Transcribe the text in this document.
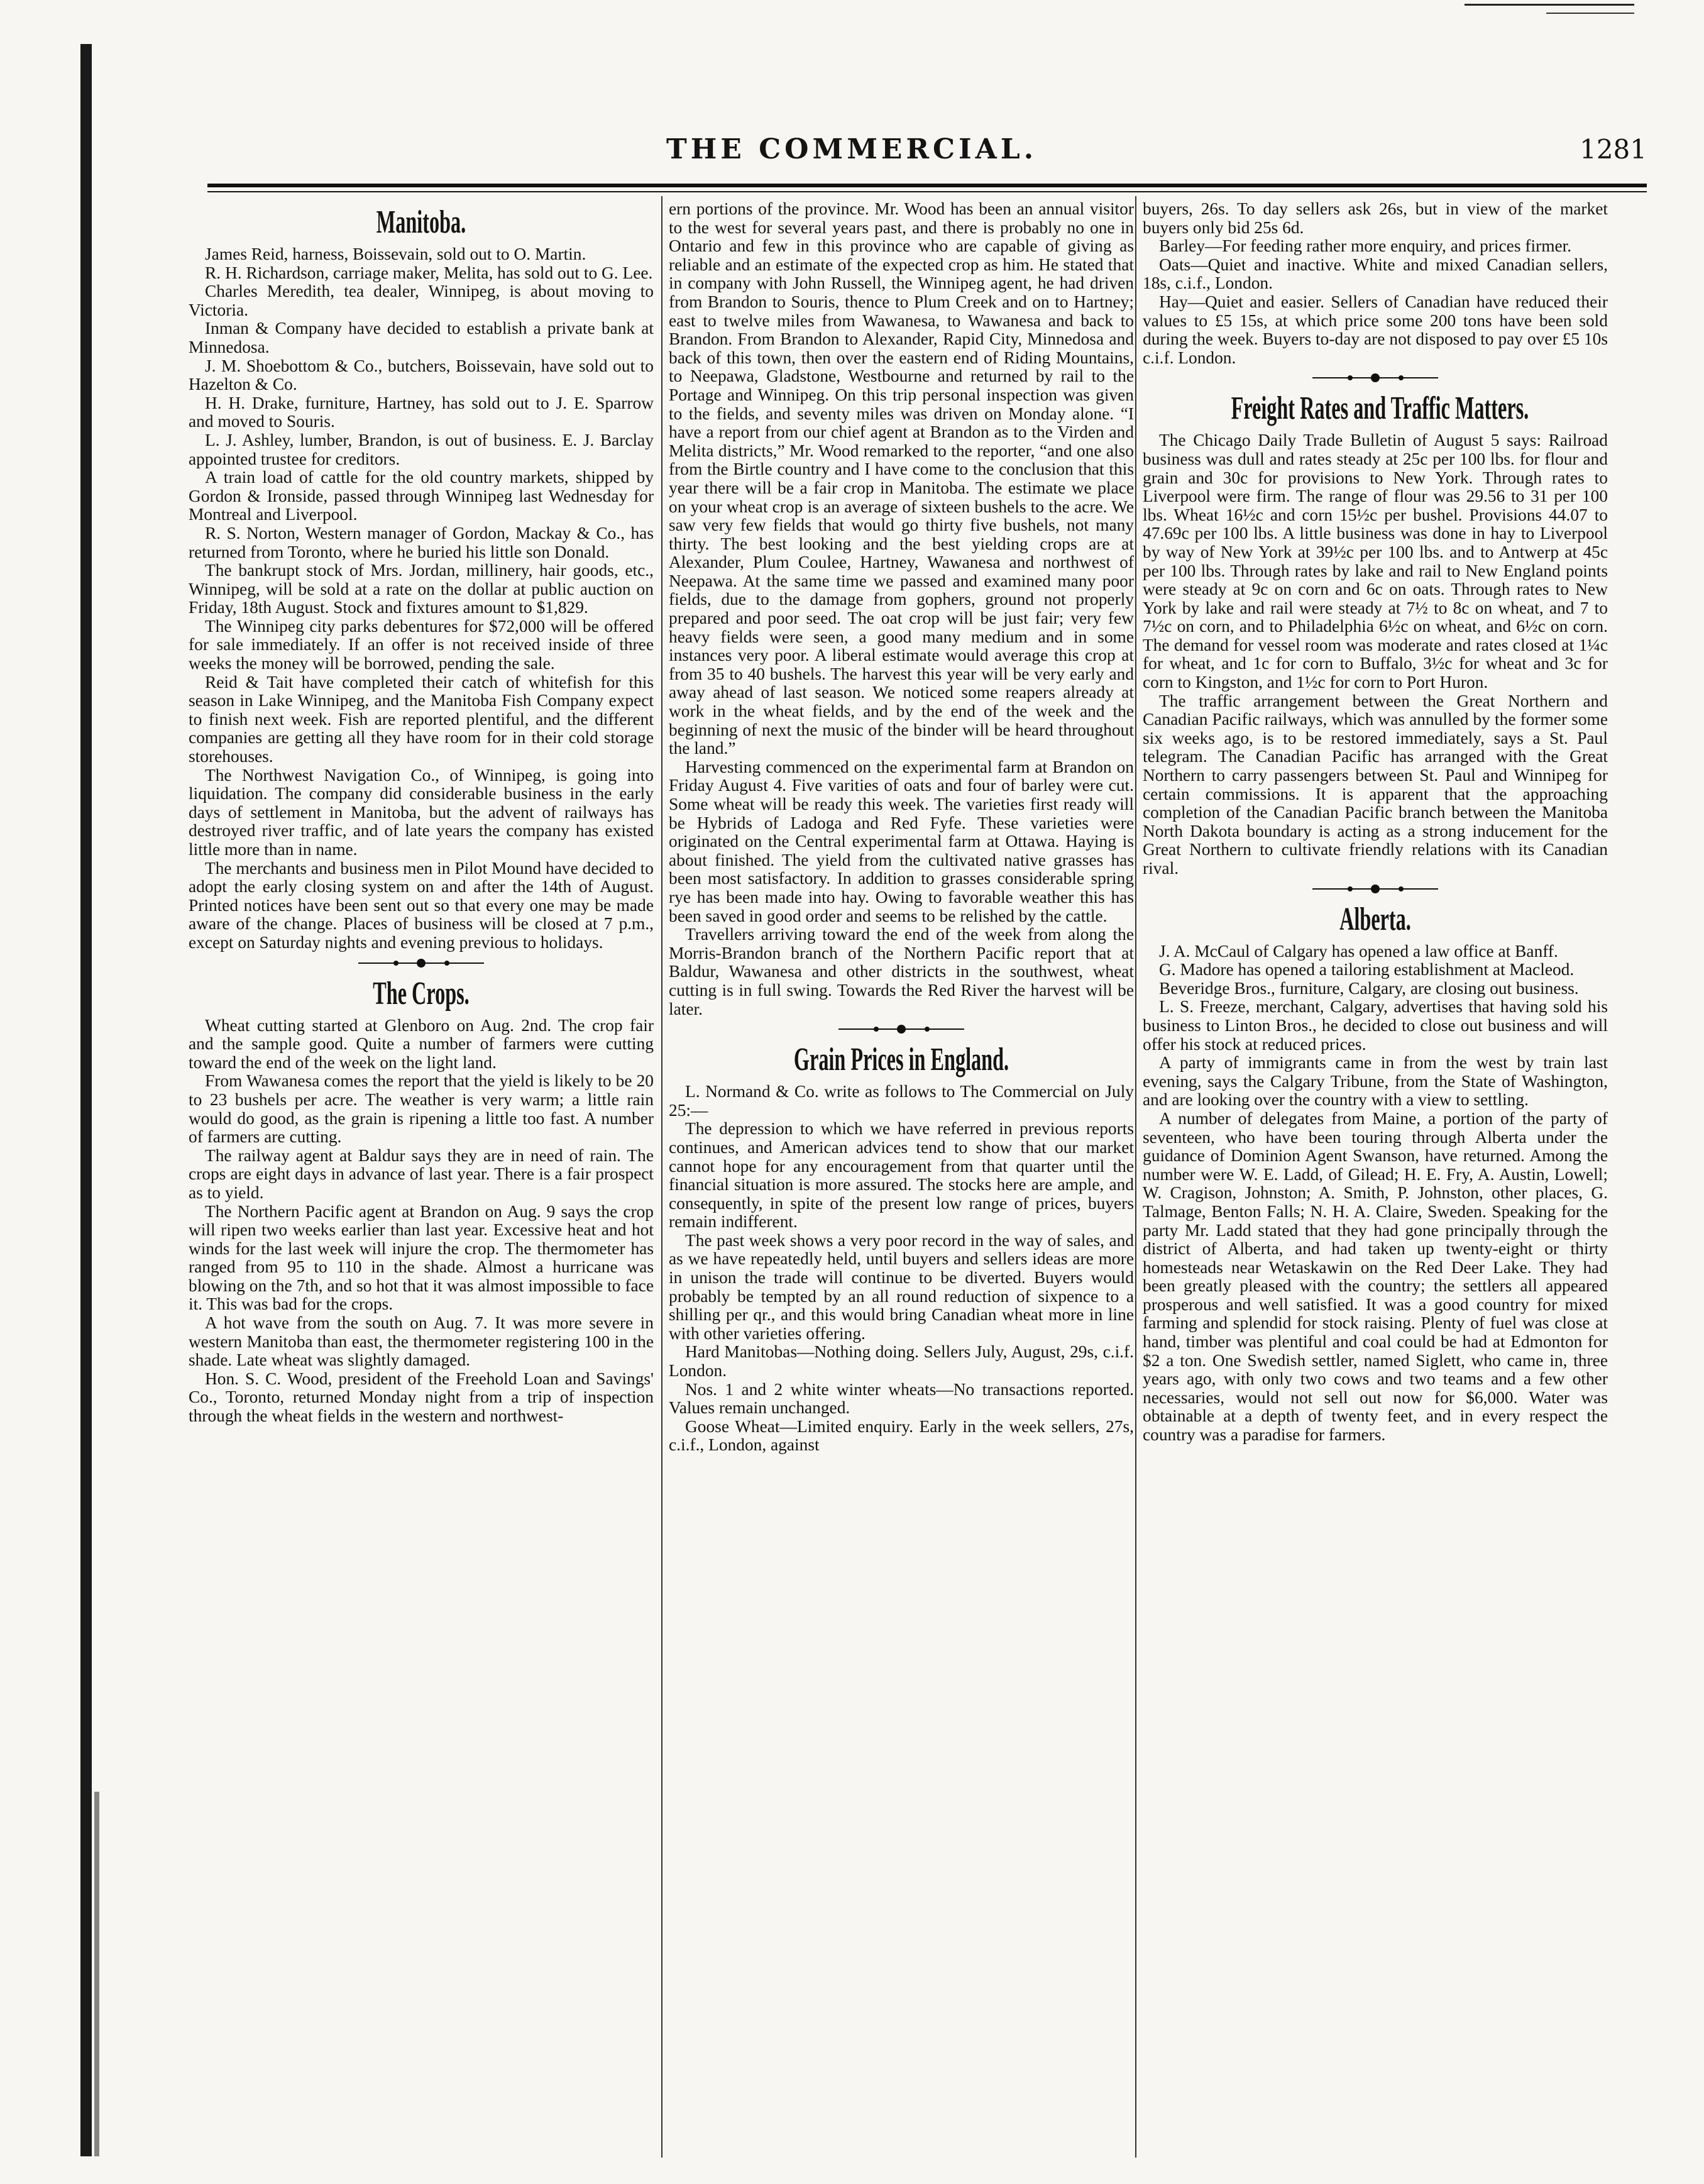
THE COMMERCIAL.	1281
Manitoba.

James Reid, harness, Boissevain, sold out to O. Martin.

R. H. Richardson, carriage maker, Melita, has sold out to G. Lee.

Charles Meredith, tea dealer, Winnipeg, is about moving to Victoria.

Inman & Company have decided to establish a private bank at Minnedosa.

J. M. Shoebottom & Co., butchers, Boissevain, have sold out to Hazelton & Co.

H. H. Drake, furniture, Hartney, has sold out to J. E. Sparrow and moved to Souris.

L. J. Ashley, lumber, Brandon, is out of business. E. J. Barclay appointed trustee for creditors.

A train load of cattle for the old country markets, shipped by Gordon & Ironside, passed through Winnipeg last Wednesday for Montreal and Liverpool.

R. S. Norton, Western manager of Gordon, Mackay & Co., has returned from Toronto, where he buried his little son Donald.

The bankrupt stock of Mrs. Jordan, millinery, hair goods, etc., Winnipeg, will be sold at a rate on the dollar at public auction on Friday, 18th August. Stock and fixtures amount to $1,829.

The Winnipeg city parks debentures for $72,000 will be offered for sale immediately. If an offer is not received inside of three weeks the money will be borrowed, pending the sale.

Reid & Tait have completed their catch of whitefish for this season in Lake Winnipeg, and the Manitoba Fish Company expect to finish next week. Fish are reported plentiful, and the different companies are getting all they have room for in their cold storage storehouses.

The Northwest Navigation Co., of Winnipeg, is going into liquidation. The company did considerable business in the early days of settlement in Manitoba, but the advent of railways has destroyed river traffic, and of late years the company has existed little more than in name.

The merchants and business men in Pilot Mound have decided to adopt the early closing system on and after the 14th of August. Printed notices have been sent out so that every one may be made aware of the change. Places of business will be closed at 7 p.m., except on Saturday nights and evening previous to holidays.

The Crops.

Wheat cutting started at Glenboro on Aug. 2nd. The crop fair and the sample good. Quite a number of farmers were cutting toward the end of the week on the light land.

From Wawanesa comes the report that the yield is likely to be 20 to 23 bushels per acre. The weather is very warm; a little rain would do good, as the grain is ripening a little too fast. A number of farmers are cutting.

The railway agent at Baldur says they are in need of rain. The crops are eight days in advance of last year. There is a fair prospect as to yield.

The Northern Pacific agent at Brandon on Aug. 9 says the crop will ripen two weeks earlier than last year. Excessive heat and hot winds for the last week will injure the crop. The thermometer has ranged from 95 to 110 in the shade. Almost a hurricane was blowing on the 7th, and so hot that it was almost impossible to face it. This was bad for the crops.

A hot wave from the south on Aug. 7. It was more severe in western Manitoba than east, the thermometer registering 100 in the shade. Late wheat was slightly damaged.

Hon. S. C. Wood, president of the Freehold Loan and Savings' Co., Toronto, returned Monday night from a trip of inspection through the wheat fields in the western and northwest-

ern portions of the province. Mr. Wood has been an annual visitor to the west for several years past, and there is probably no one in Ontario and few in this province who are capable of giving as reliable and an estimate of the expected crop as him. He stated that in company with John Russell, the Winnipeg agent, he had driven from Brandon to Souris, thence to Plum Creek and on to Hartney; east to twelve miles from Wawanesa, to Wawanesa and back to Brandon. From Brandon to Alexander, Rapid City, Minnedosa and back of this town, then over the eastern end of Riding Mountains, to Neepawa, Gladstone, Westbourne and returned by rail to the Portage and Winnipeg. On this trip personal inspection was given to the fields, and seventy miles was driven on Monday alone. “I have a report from our chief agent at Brandon as to the Virden and Melita districts,” Mr. Wood remarked to the reporter, “and one also from the Birtle country and I have come to the conclusion that this year there will be a fair crop in Manitoba. The estimate we place on your wheat crop is an average of sixteen bushels to the acre. We saw very few fields that would go thirty five bushels, not many thirty. The best looking and the best yielding crops are at Alexander, Plum Coulee, Hartney, Wawanesa and northwest of Neepawa. At the same time we passed and examined many poor fields, due to the damage from gophers, ground not properly prepared and poor seed. The oat crop will be just fair; very few heavy fields were seen, a good many medium and in some instances very poor. A liberal estimate would average this crop at from 35 to 40 bushels. The harvest this year will be very early and away ahead of last season. We noticed some reapers already at work in the wheat fields, and by the end of the week and the beginning of next the music of the binder will be heard throughout the land.”

Harvesting commenced on the experimental farm at Brandon on Friday August 4. Five varities of oats and four of barley were cut. Some wheat will be ready this week. The varieties first ready will be Hybrids of Ladoga and Red Fyfe. These varieties were originated on the Central experimental farm at Ottawa. Haying is about finished. The yield from the cultivated native grasses has been most satisfactory. In addition to grasses considerable spring rye has been made into hay. Owing to favorable weather this has been saved in good order and seems to be relished by the cattle.

Travellers arriving toward the end of the week from along the Morris-Brandon branch of the Northern Pacific report that at Baldur, Wawanesa and other districts in the southwest, wheat cutting is in full swing. Towards the Red River the harvest will be later.

Grain Prices in England.

L. Normand & Co. write as follows to The Commercial on July 25:—

The depression to which we have referred in previous reports continues, and American advices tend to show that our market cannot hope for any encouragement from that quarter until the financial situation is more assured. The stocks here are ample, and consequently, in spite of the present low range of prices, buyers remain indifferent.

The past week shows a very poor record in the way of sales, and as we have repeatedly held, until buyers and sellers ideas are more in unison the trade will continue to be diverted. Buyers would probably be tempted by an all round reduction of sixpence to a shilling per qr., and this would bring Canadian wheat more in line with other varieties offering.

Hard Manitobas—Nothing doing. Sellers July, August, 29s, c.i.f. London.

Nos. 1 and 2 white winter wheats—No transactions reported. Values remain unchanged.

Goose Wheat—Limited enquiry. Early in the week sellers, 27s, c.i.f., London, against

buyers, 26s. To day sellers ask 26s, but in view of the market buyers only bid 25s 6d.

Barley—For feeding rather more enquiry, and prices firmer.

Oats—Quiet and inactive. White and mixed Canadian sellers, 18s, c.i.f., London.

Hay—Quiet and easier. Sellers of Canadian have reduced their values to £5 15s, at which price some 200 tons have been sold during the week. Buyers to-day are not disposed to pay over £5 10s c.i.f. London.

Freight Rates and Traffic Matters.

The Chicago Daily Trade Bulletin of August 5 says: Railroad business was dull and rates steady at 25c per 100 lbs. for flour and grain and 30c for provisions to New York. Through rates to Liverpool were firm. The range of flour was 29.56 to 31 per 100 lbs. Wheat 16½c and corn 15½c per bushel. Provisions 44.07 to 47.69c per 100 lbs. A little business was done in hay to Liverpool by way of New York at 39½c per 100 lbs. and to Antwerp at 45c per 100 lbs. Through rates by lake and rail to New England points were steady at 9c on corn and 6c on oats. Through rates to New York by lake and rail were steady at 7½ to 8c on wheat, and 7 to 7½c on corn, and to Philadelphia 6½c on wheat, and 6½c on corn. The demand for vessel room was moderate and rates closed at 1¼c for wheat, and 1c for corn to Buffalo, 3½c for wheat and 3c for corn to Kingston, and 1½c for corn to Port Huron.

The traffic arrangement between the Great Northern and Canadian Pacific railways, which was annulled by the former some six weeks ago, is to be restored immediately, says a St. Paul telegram. The Canadian Pacific has arranged with the Great Northern to carry passengers between St. Paul and Winnipeg for certain commissions. It is apparent that the approaching completion of the Canadian Pacific branch between the Manitoba North Dakota boundary is acting as a strong inducement for the Great Northern to cultivate friendly relations with its Canadian rival.

Alberta.

J. A. McCaul of Calgary has opened a law office at Banff.

G. Madore has opened a tailoring establishment at Macleod.

Beveridge Bros., furniture, Calgary, are closing out business.

L. S. Freeze, merchant, Calgary, advertises that having sold his business to Linton Bros., he decided to close out business and will offer his stock at reduced prices.

A party of immigrants came in from the west by train last evening, says the Calgary Tribune, from the State of Washington, and are looking over the country with a view to settling.

A number of delegates from Maine, a portion of the party of seventeen, who have been touring through Alberta under the guidance of Dominion Agent Swanson, have returned. Among the number were W. E. Ladd, of Gilead; H. E. Fry, A. Austin, Lowell; W. Cragison, Johnston; A. Smith, P. Johnston, other places, G. Talmage, Benton Falls; N. H. A. Claire, Sweden. Speaking for the party Mr. Ladd stated that they had gone principally through the district of Alberta, and had taken up twenty-eight or thirty homesteads near Wetaskawin on the Red Deer Lake. They had been greatly pleased with the country; the settlers all appeared prosperous and well satisfied. It was a good country for mixed farming and splendid for stock raising. Plenty of fuel was close at hand, timber was plentiful and coal could be had at Edmonton for $2 a ton. One Swedish settler, named Siglett, who came in, three years ago, with only two cows and two teams and a few other necessaries, would not sell out now for $6,000. Water was obtainable at a depth of twenty feet, and in every respect the country was a paradise for farmers.
